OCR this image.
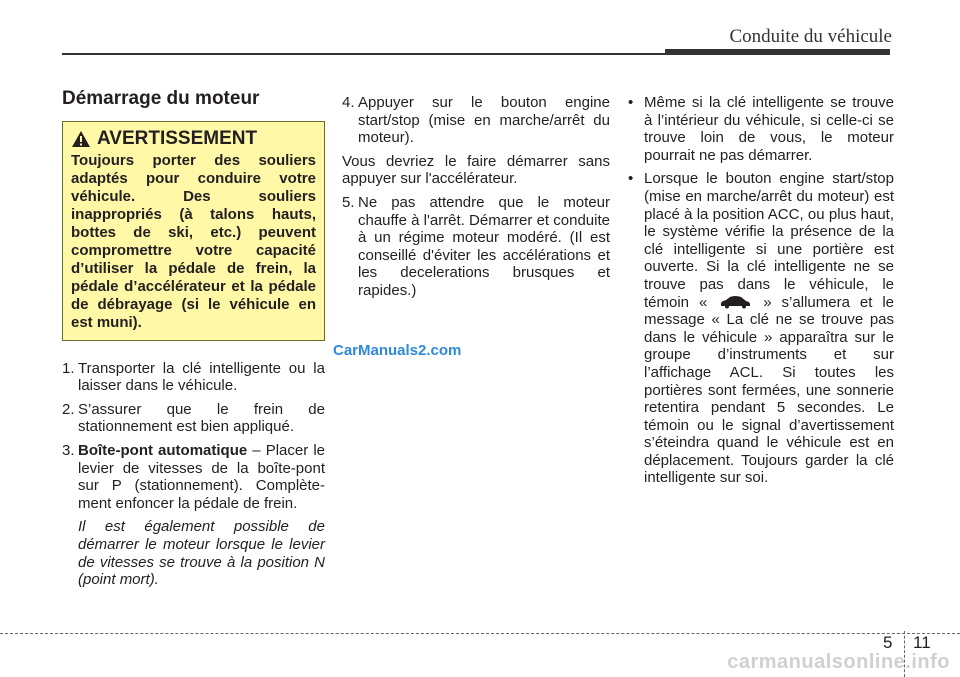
Conduite du véhicule
Démarrage du moteur
AVERTISSEMENT
Toujours porter des souliers adaptés pour conduire votre véhicule. Des souliers inappropriés (à talons hauts, bottes de ski, etc.) peuvent compromettre votre capacité d’utiliser la pédale de frein, la pédale d’accélérateur et la pédale de débrayage (si le véhicule en est muni).
1. Transporter la clé intelligente ou la laisser dans le véhicule.
2. S’assurer que le frein de stationnement est bien appliqué.
3. Boîte-pont automatique – Placer le levier de vitesses de la boîte-pont sur P (stationnement). Complète-ment enfoncer la pédale de frein.
Il est également possible de démarrer le moteur lorsque le levier de vitesses se trouve à la position N (point mort).
4. Appuyer sur le bouton engine start/stop (mise en marche/arrêt du moteur).
Vous devriez le faire démarrer sans appuyer sur l'accélérateur.
5. Ne pas attendre que le moteur chauffe à l'arrêt. Démarrer et conduite à un régime moteur modéré. (Il est conseillé d'éviter les accélérations et les decelerations brusques et rapides.)
• Même si la clé intelligente se trouve à l’intérieur du véhicule, si celle-ci se trouve loin de vous, le moteur pourrait ne pas démarrer.
• Lorsque le bouton engine start/stop (mise en marche/arrêt du moteur) est placé à la position ACC, ou plus haut, le système vérifie la présence de la clé intelligente si une portière est ouverte. Si la clé intelligente ne se trouve pas dans le véhicule, le témoin «	» s’allumera et le message « La clé ne se trouve pas dans le véhicule » apparaîtra sur le groupe d’instruments et sur l’affichage ACL. Si toutes les portières sont fermées, une sonnerie retentira pendant 5 secondes. Le témoin ou le signal d’avertissement s’éteindra quand le véhicule est en déplacement. Toujours garder la clé intelligente sur soi.
CarManuals2.com
5 11
carmanualsonline.info
